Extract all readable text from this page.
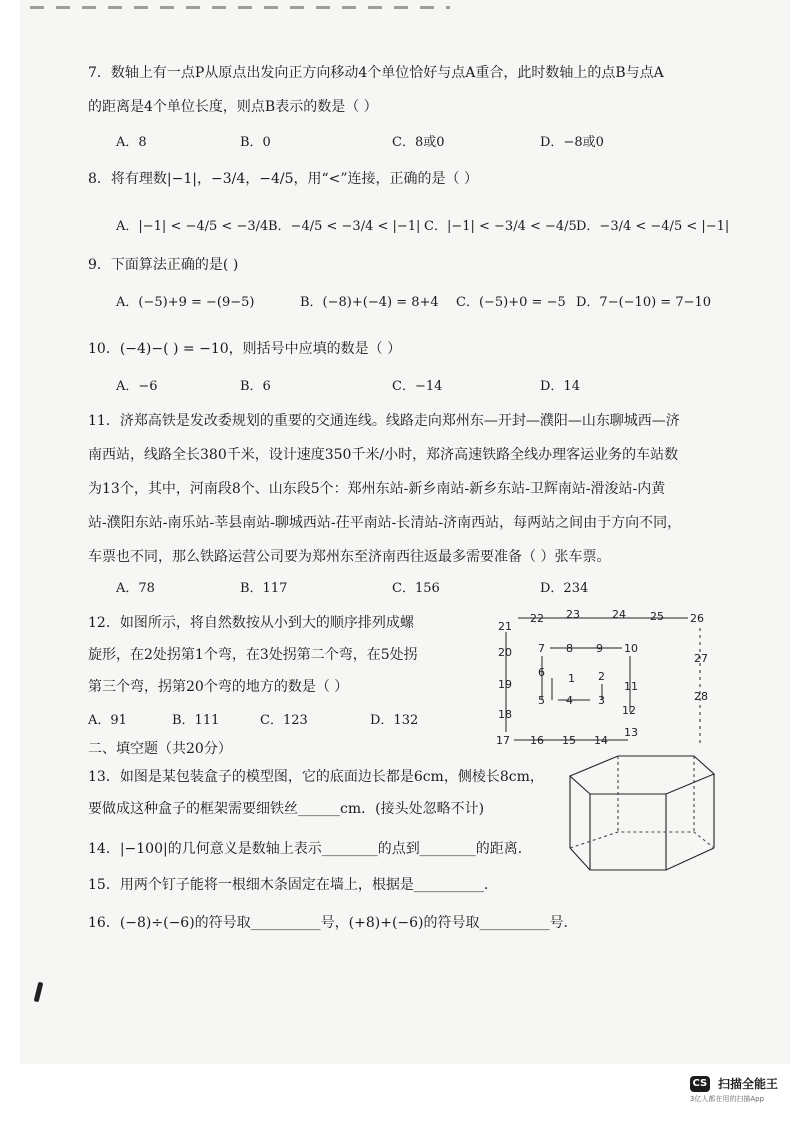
7．数轴上有一点P从原点出发向正方向移动4个单位恰好与点A重合，此时数轴上的点B与点A
的距离是4个单位长度，则点B表示的数是（ ）
A．8	B．0	C．8或0	D．−8或0
8．将有理数|−1|，−3/4，−4/5，用“<”连接，正确的是（ ）
A．|−1| < −4/5 < −3/4 B．−4/5 < −3/4 < |−1| C．|−1| < −3/4 < −4/5 D．−3/4 < −4/5 < |−1|
9．下面算法正确的是( )
A．(−5)+9 = −(9−5)	B．(−8)+(−4) = 8+4 C．(−5)+0 = −5 D．7−(−10) = 7−10
10．(−4)−( ) = −10，则括号中应填的数是（ ）
A．−6	B．6	C．−14	D．14
11．济郑高铁是发改委规划的重要的交通连线。线路走向郑州东—开封—濮阳—山东聊城西—济
南西站，线路全长380千米，设计速度350千米/小时，郑济高速铁路全线办理客运业务的车站数
为13个，其中，河南段8个、山东段5个：郑州东站-新乡南站-新乡东站-卫辉南站-滑浚站-内黄
站-濮阳东站-南乐站-莘县南站-聊城西站-茌平南站-长清站-济南西站，每两站之间由于方向不同，
车票也不同，那么铁路运营公司要为郑州东至济南西往返最多需要准备（ ）张车票。
A．78	B．117	C．156	D．234
12．如图所示，将自然数按从小到大的顺序排列成螺
旋形，在2处拐第1个弯，在3处拐第二个弯，在5处拐
第三个弯，拐第20个弯的地方的数是（ ）
A．91	B．111	C．123	D．132
1 2
3
4
5
6
7 8 9 10
11
12
13
14
15
16
17
18
19
20
21
22 23	24 25 26
27
28
二、填空题（共20分）
13．如图是某包装盒子的模型图，它的底面边长都是6cm，侧棱长8cm，
要做成这种盒子的框架需要细铁丝______cm．(接头处忽略不计)
14．|−100|的几何意义是数轴上表示________的点到________的距离．
15．用两个钉子能将一根细木条固定在墙上，根据是__________．
16．(−8)÷(−6)的符号取__________号，(+8)+(−6)的符号取__________号．
CS 扫描全能王
3亿人都在用的扫描App
